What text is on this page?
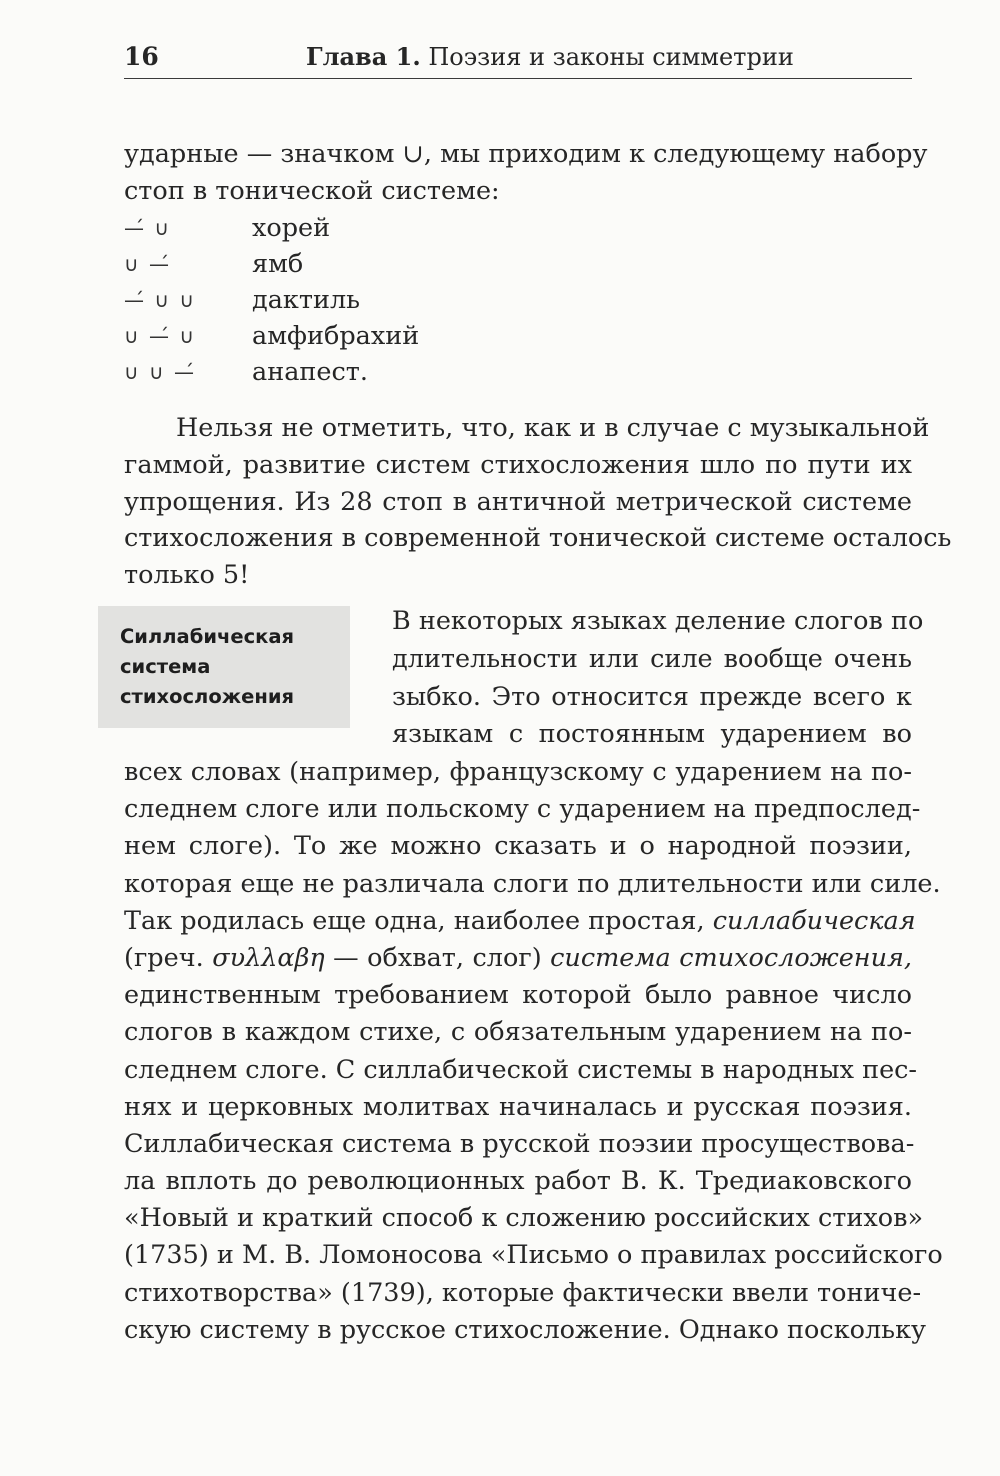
16	Глава 1. Поэзия и законы симметрии
ударные — значком ∪, мы приходим к следующему набору
стоп в тонической системе:
—́ ∪	хорей
∪ —́	ямб
—́ ∪ ∪	дактиль
∪ —́ ∪	амфибрахий
∪ ∪ —́	анапест.
Нельзя не отметить, что, как и в случае с музыкальной
гаммой, развитие систем стихосложения шло по пути их
упрощения. Из 28 стоп в античной метрической системе
стихосложения в современной тонической системе осталось
только 5!
Силлабическая
система
стихосложения
В некоторых языках деление слогов по
длительности или силе вообще очень
зыбко. Это относится прежде всего к
языкам с постоянным ударением во
всех словах (например, французскому с ударением на по-
следнем слоге или польскому с ударением на предпослед-
нем слоге). То же можно сказать и о народной поэзии,
которая еще не различала слоги по длительности или силе.
Так родилась еще одна, наиболее простая, силлабическая
(греч. συλλαβη — обхват, слог) система стихосложения,
единственным требованием которой было равное число
слогов в каждом стихе, с обязательным ударением на по-
следнем слоге. С силлабической системы в народных пес-
нях и церковных молитвах начиналась и русская поэзия.
Силлабическая система в русской поэзии просуществова-
ла вплоть до революционных работ В. К. Тредиаковского
«Новый и краткий способ к сложению российских стихов»
(1735) и М. В. Ломоносова «Письмо о правилах российского
стихотворства» (1739), которые фактически ввели тониче-
скую систему в русское стихосложение. Однако поскольку
